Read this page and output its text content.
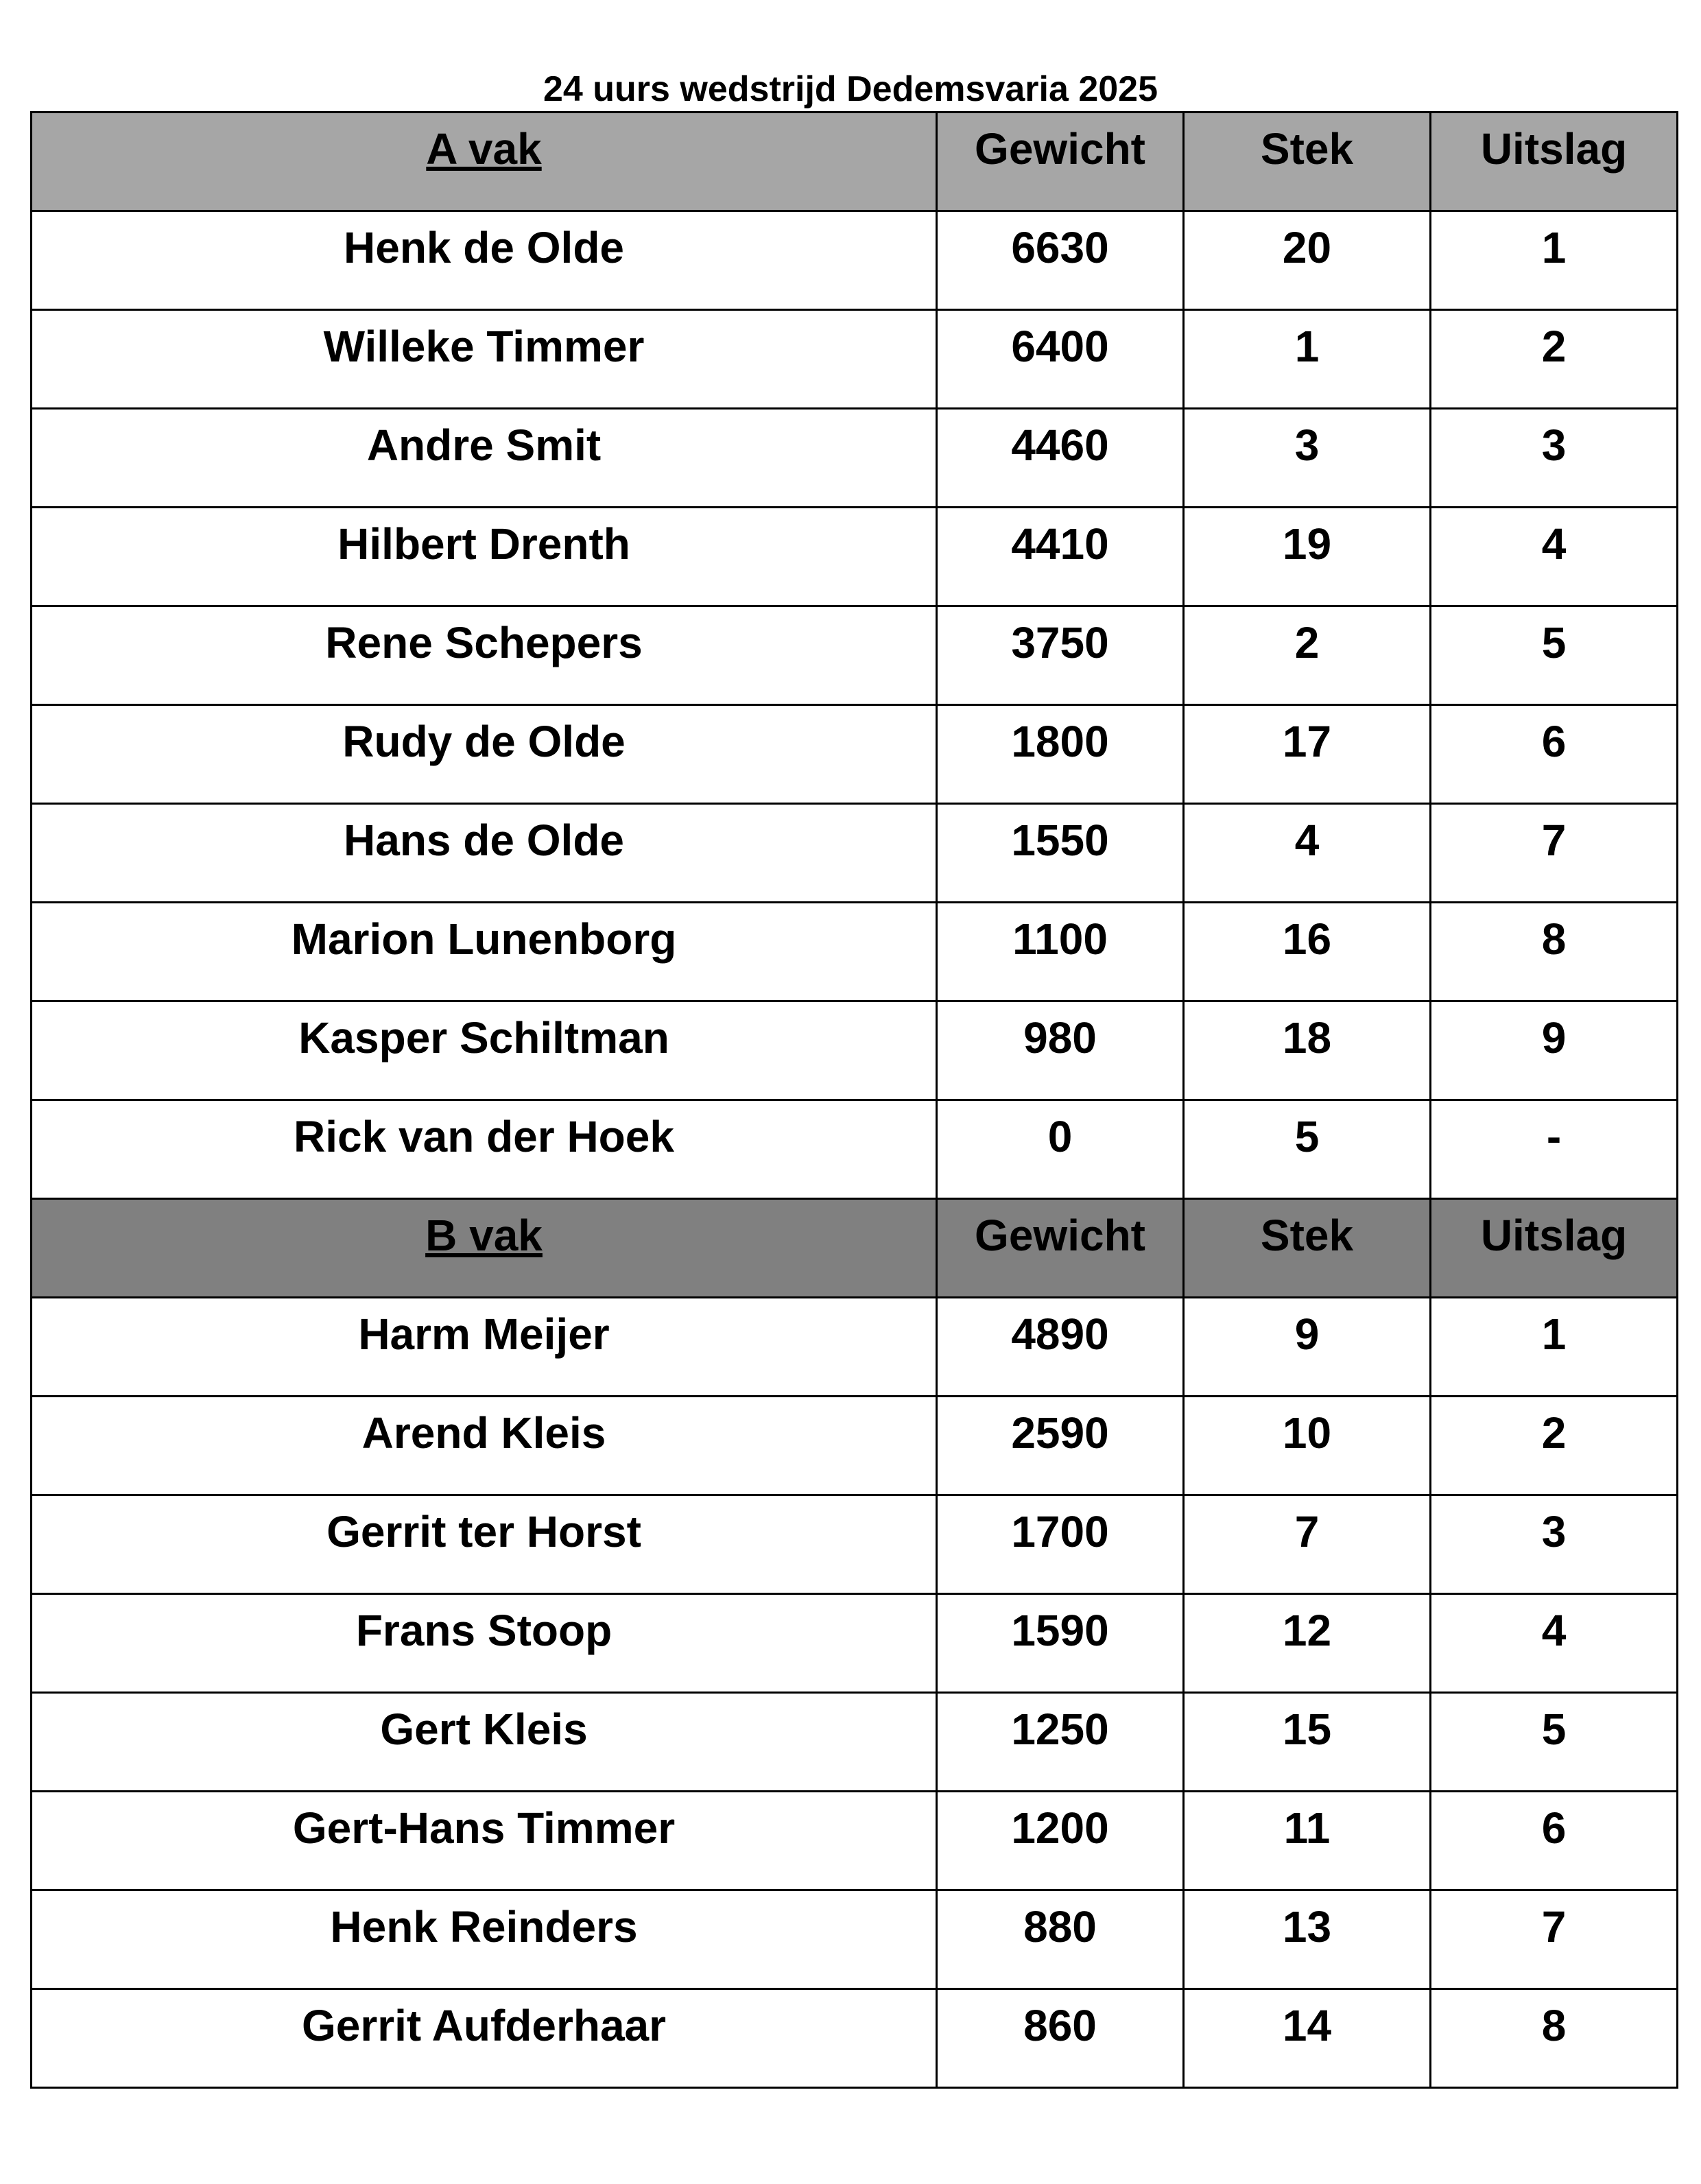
24 uurs wedstrijd Dedemsvaria 2025
A vak	Gewicht	Stek	Uitslag
Henk de Olde	6630	20	1
Willeke Timmer	6400	1	2
Andre Smit	4460	3	3
Hilbert Drenth	4410	19	4
Rene Schepers	3750	2	5
Rudy de Olde	1800	17	6
Hans de Olde	1550	4	7
Marion Lunenborg	1100	16	8
Kasper Schiltman	980	18	9
Rick van der Hoek	0	5	-
B vak	Gewicht	Stek	Uitslag
Harm Meijer	4890	9	1
Arend Kleis	2590	10	2
Gerrit ter Horst	1700	7	3
Frans Stoop	1590	12	4
Gert Kleis	1250	15	5
Gert-Hans Timmer	1200	11	6
Henk Reinders	880	13	7
Gerrit Aufderhaar	860	14	8
